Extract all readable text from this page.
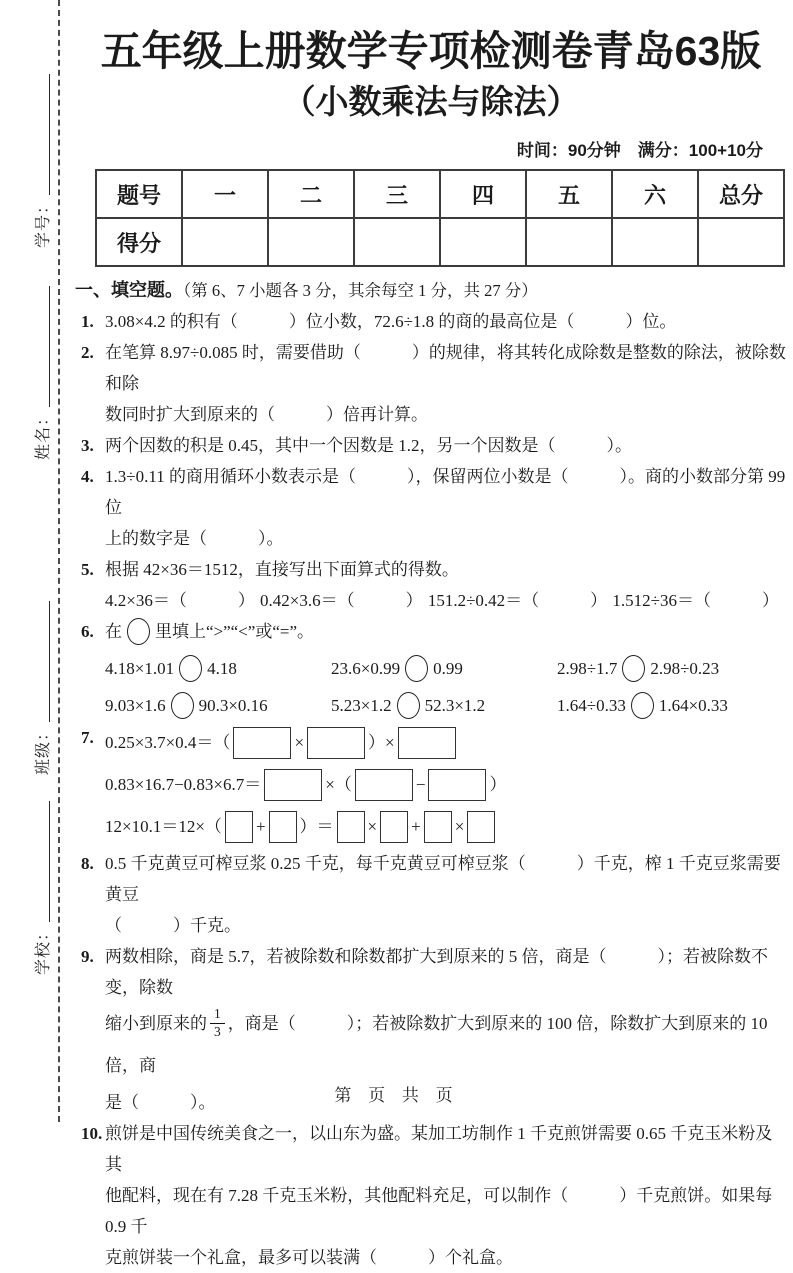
学号：
姓名：
班级：
学校：
五年级上册数学专项检测卷青岛63版
（小数乘法与除法）
时间：90分钟　满分：100+10分
题号	一	二	三	四	五	六	总分
得分							
一、填空题。（第 6、7 小题各 3 分，其余每空 1 分，共 27 分）
1. 3.08×4.2 的积有（　　　）位小数，72.6÷1.8 的商的最高位是（　　　）位。
2. 在笔算 8.97÷0.085 时，需要借助（　　　）的规律，将其转化成除数是整数的除法，被除数和除
数同时扩大到原来的（　　　）倍再计算。
3. 两个因数的积是 0.45，其中一个因数是 1.2，另一个因数是（　　　）。
4. 1.3÷0.11 的商用循环小数表示是（　　　），保留两位小数是（　　　）。商的小数部分第 99 位
上的数字是（　　　）。
5. 根据 42×36＝1512，直接写出下面算式的得数。
4.2×36＝（　　　） 0.42×3.6＝（　　　） 151.2÷0.42＝（　　　） 1.512÷36＝（　　　）
6. 在 里填上“>”“<”或“=”。
4.18×1.01 4.18	23.6×0.99 0.99	2.98÷1.7 2.98÷0.23
9.03×1.6 90.3×0.16	5.23×1.2 52.3×1.2	1.64÷0.33 1.64×0.33
7. 0.25×3.7×0.4＝（	×	）×
0.83×16.7−0.83×6.7＝	×（	−	）
12×10.1＝12×（ + ）＝ × + ×
8. 0.5 千克黄豆可榨豆浆 0.25 千克，每千克黄豆可榨豆浆（　　　）千克，榨 1 千克豆浆需要黄豆
（　　　）千克。
9. 两数相除，商是 5.7，若被除数和除数都扩大到原来的 5 倍，商是（　　　）；若被除数不变，除数
缩小到原来的 $\frac{1}{3}$ ，商是（　　　）；若被除数扩大到原来的 100 倍，除数扩大到原来的 10 倍，商
是（　　　）。
10. 煎饼是中国传统美食之一，以山东为盛。某加工坊制作 1 千克煎饼需要 0.65 千克玉米粉及其
他配料，现在有 7.28 千克玉米粉，其他配料充足，可以制作（　　　）千克煎饼。如果每 0.9 千
克煎饼装一个礼盒，最多可以装满（　　　）个礼盒。
第 页 共 页
